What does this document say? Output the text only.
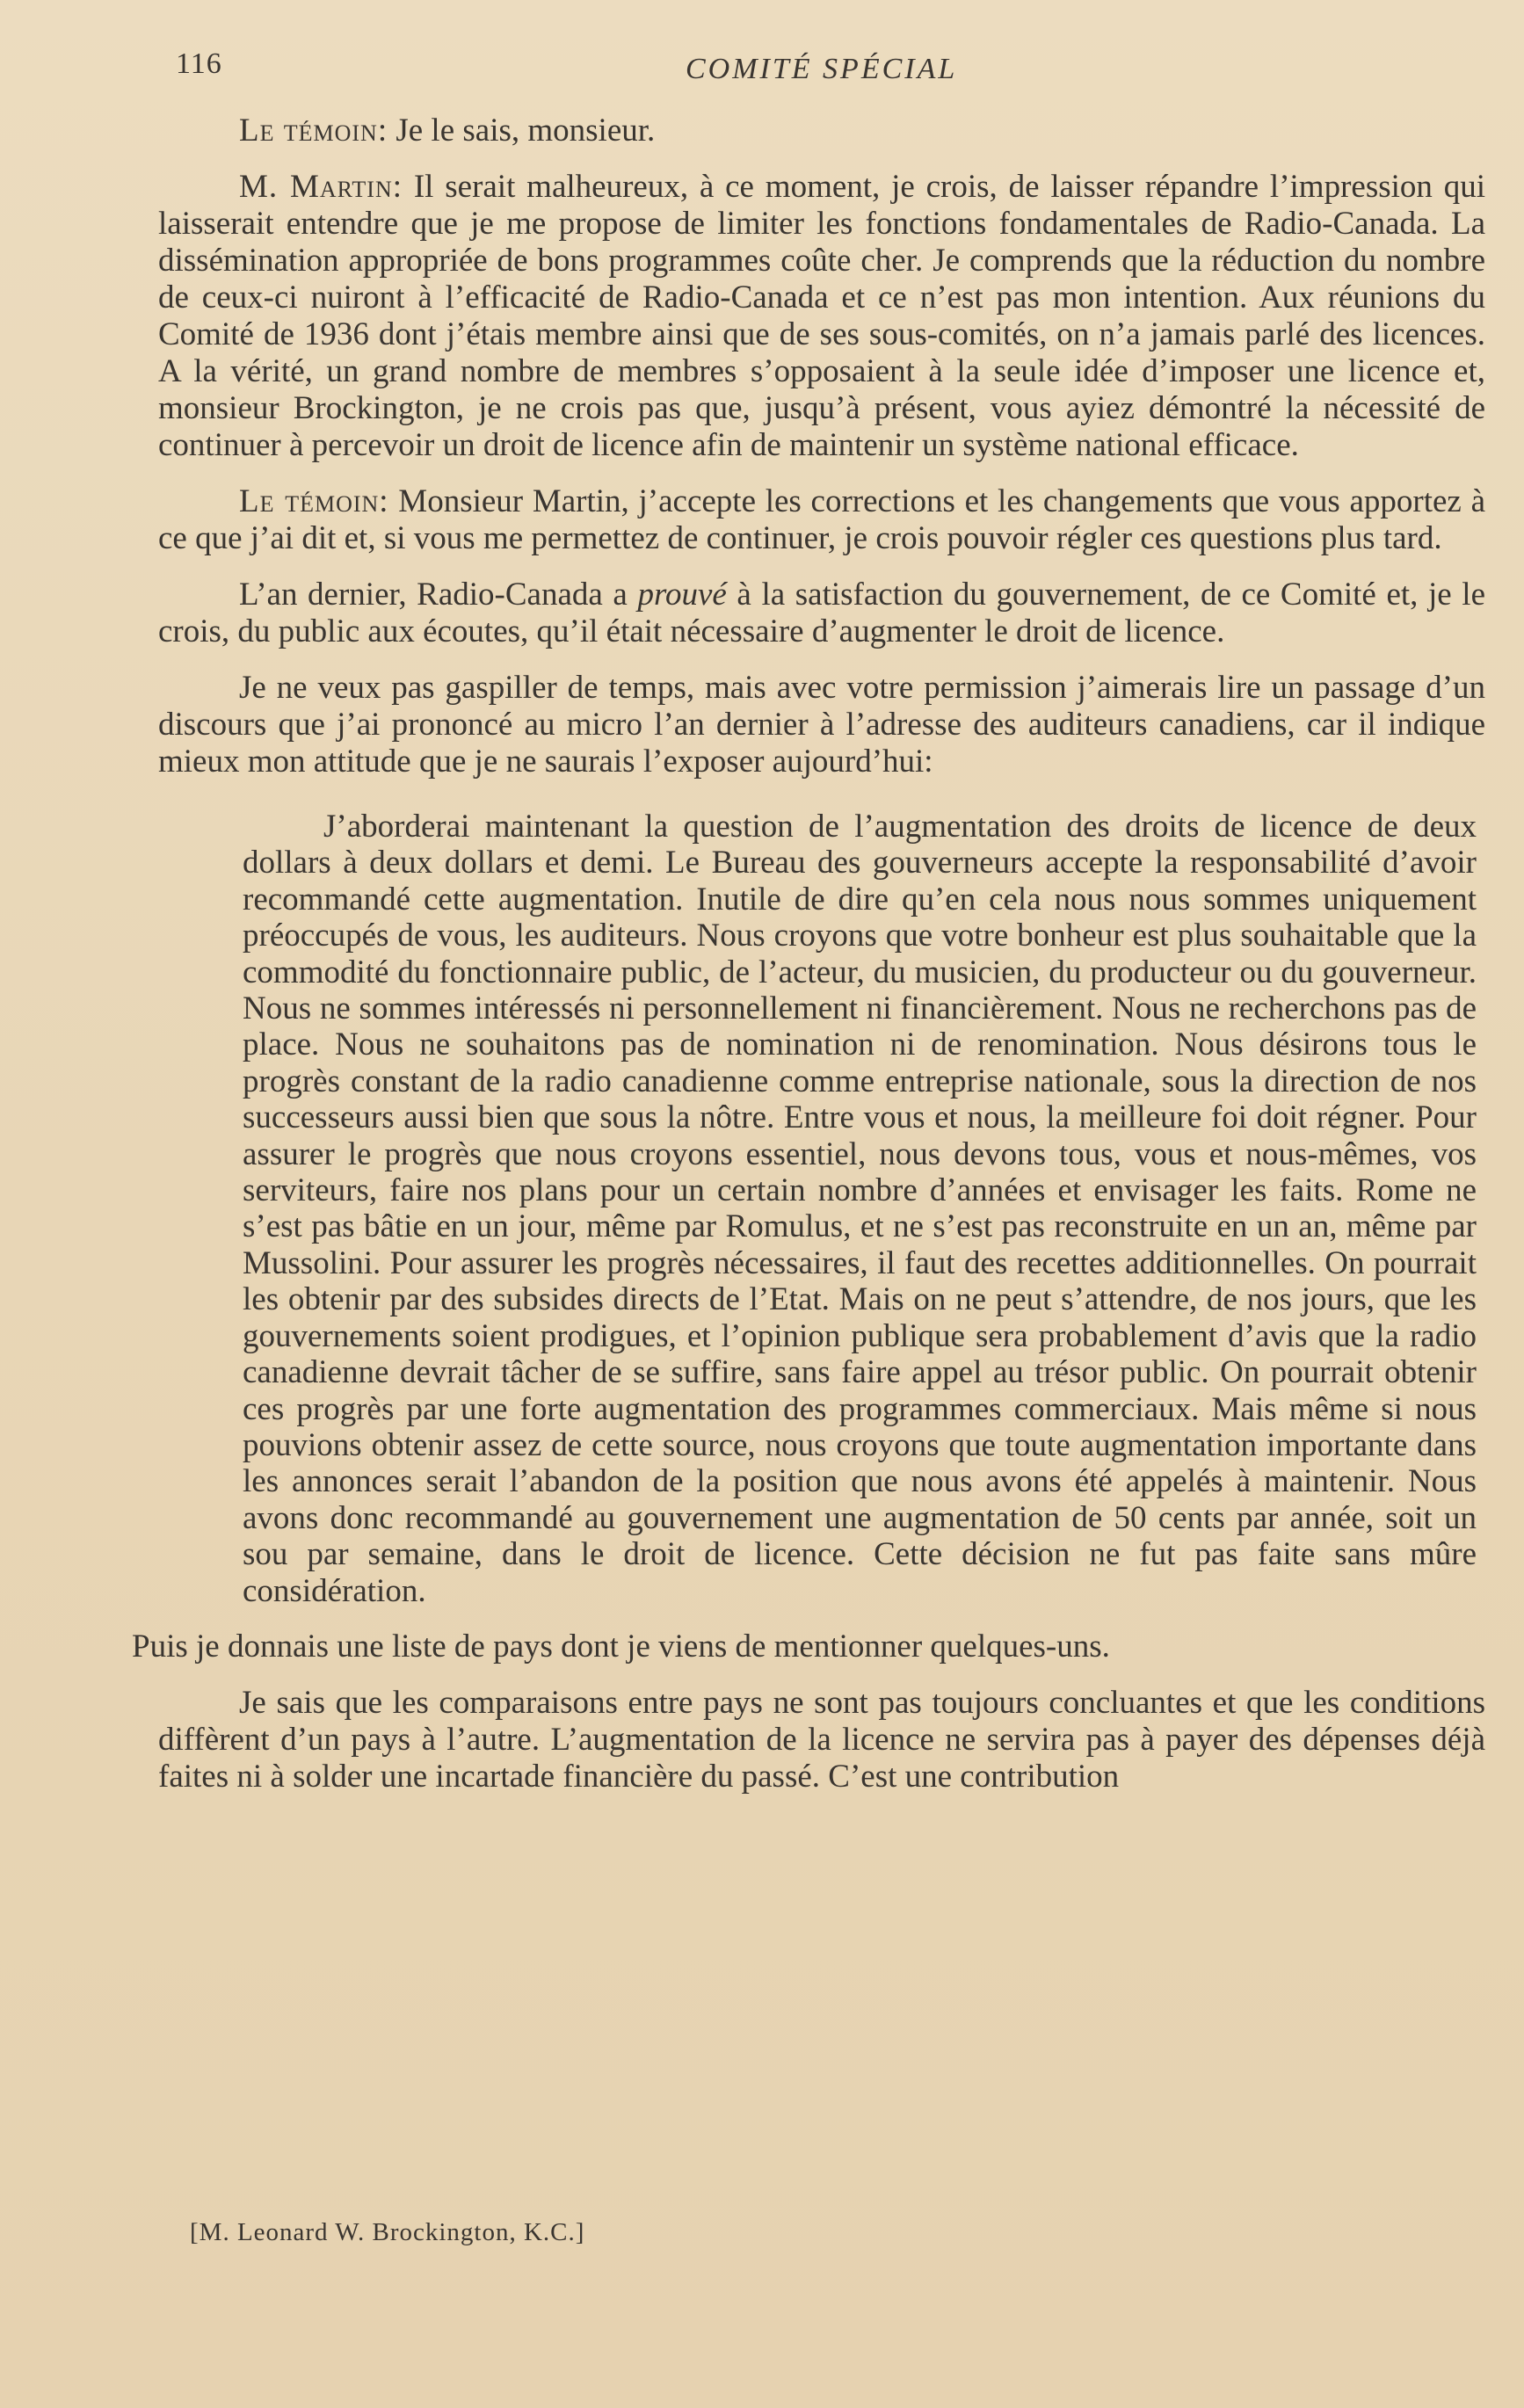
116	COMITÉ SPÉCIAL

Le témoin: Je le sais, monsieur.

M. Martin: Il serait malheureux, à ce moment, je crois, de laisser répandre l’impression qui laisserait entendre que je me propose de limiter les fonctions fondamentales de Radio-Canada. La dissémination appropriée de bons programmes coûte cher. Je comprends que la réduction du nombre de ceux-ci nuiront à l’efficacité de Radio-Canada et ce n’est pas mon intention. Aux réunions du Comité de 1936 dont j’étais membre ainsi que de ses sous-comités, on n’a jamais parlé des licences. A la vérité, un grand nombre de membres s’opposaient à la seule idée d’imposer une licence et, monsieur Brockington, je ne crois pas que, jusqu’à présent, vous ayiez démontré la nécessité de continuer à percevoir un droit de licence afin de maintenir un système national efficace.

Le témoin: Monsieur Martin, j’accepte les corrections et les changements que vous apportez à ce que j’ai dit et, si vous me permettez de continuer, je crois pouvoir régler ces questions plus tard.

L’an dernier, Radio-Canada a prouvé à la satisfaction du gouvernement, de ce Comité et, je le crois, du public aux écoutes, qu’il était nécessaire d’augmenter le droit de licence.

Je ne veux pas gaspiller de temps, mais avec votre permission j’aimerais lire un passage d’un discours que j’ai prononcé au micro l’an dernier à l’adresse des auditeurs canadiens, car il indique mieux mon attitude que je ne saurais l’exposer aujourd’hui:

J’aborderai maintenant la question de l’augmentation des droits de licence de deux dollars à deux dollars et demi. Le Bureau des gouverneurs accepte la responsabilité d’avoir recommandé cette augmentation. Inutile de dire qu’en cela nous nous sommes uniquement préoccupés de vous, les auditeurs. Nous croyons que votre bonheur est plus souhaitable que la commodité du fonctionnaire public, de l’acteur, du musicien, du producteur ou du gouverneur. Nous ne sommes intéressés ni personnellement ni financièrement. Nous ne recherchons pas de place. Nous ne souhaitons pas de nomination ni de renomination. Nous désirons tous le progrès constant de la radio canadienne comme entreprise nationale, sous la direction de nos successeurs aussi bien que sous la nôtre. Entre vous et nous, la meilleure foi doit régner. Pour assurer le progrès que nous croyons essentiel, nous devons tous, vous et nous-mêmes, vos serviteurs, faire nos plans pour un certain nombre d’années et envisager les faits. Rome ne s’est pas bâtie en un jour, même par Romulus, et ne s’est pas reconstruite en un an, même par Mussolini. Pour assurer les progrès nécessaires, il faut des recettes additionnelles. On pourrait les obtenir par des subsides directs de l’Etat. Mais on ne peut s’attendre, de nos jours, que les gouvernements soient prodigues, et l’opinion publique sera probablement d’avis que la radio canadienne devrait tâcher de se suffire, sans faire appel au trésor public. On pourrait obtenir ces progrès par une forte augmentation des programmes commerciaux. Mais même si nous pouvions obtenir assez de cette source, nous croyons que toute augmentation importante dans les annonces serait l’abandon de la position que nous avons été appelés à maintenir. Nous avons donc recommandé au gouvernement une augmentation de 50 cents par année, soit un sou par semaine, dans le droit de licence. Cette décision ne fut pas faite sans mûre considération.

Puis je donnais une liste de pays dont je viens de mentionner quelques-uns.

Je sais que les comparaisons entre pays ne sont pas toujours concluantes et que les conditions diffèrent d’un pays à l’autre. L’augmentation de la licence ne servira pas à payer des dépenses déjà faites ni à solder une incartade financière du passé. C’est une contribution

[M. Leonard W. Brockington, K.C.]
